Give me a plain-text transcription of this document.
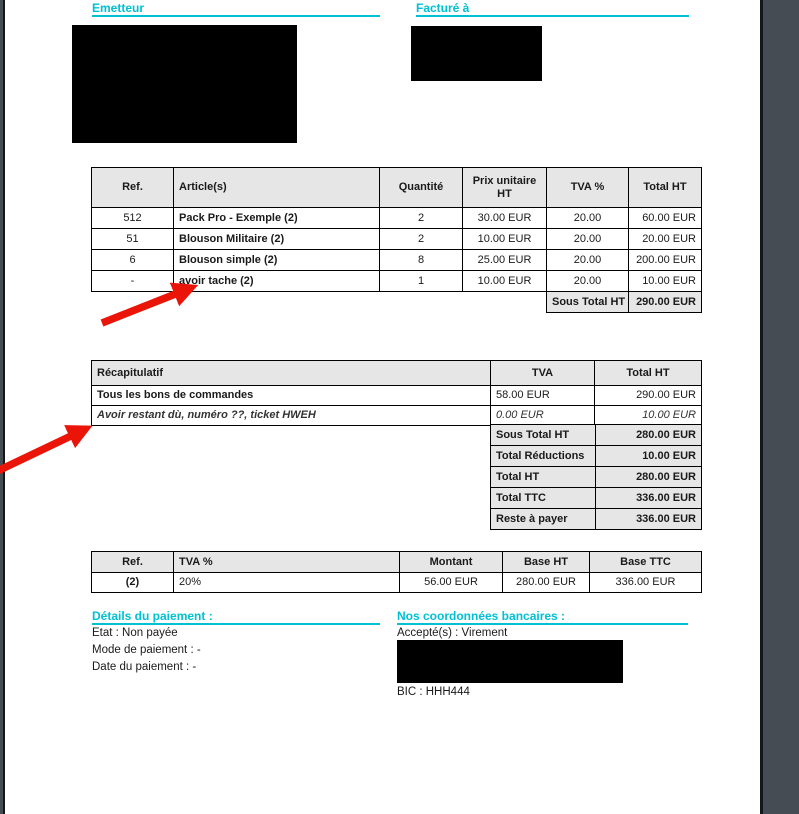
Emetteur	Facturé à
Ref.	Article(s)	Quantité	Prix unitaire HT	TVA %	Total HT
512	Pack Pro - Exemple (2)	2	30.00 EUR	20.00	60.00 EUR
51	Blouson Militaire (2)	2	10.00 EUR	20.00	20.00 EUR
6	Blouson simple (2)	8	25.00 EUR	20.00	200.00 EUR
-	avoir tache (2)	1	10.00 EUR	20.00	10.00 EUR
				Sous Total HT	290.00 EUR
Récapitulatif	TVA	Total HT
Tous les bons de commandes	58.00 EUR	290.00 EUR
Avoir restant dù, numéro ??, ticket HWEH	0.00 EUR	10.00 EUR
Sous Total HT	280.00 EUR
Total Réductions	10.00 EUR
Total HT	280.00 EUR
Total TTC	336.00 EUR
Reste à payer	336.00 EUR
Ref.	TVA %	Montant	Base HT	Base TTC
(2)	20%	56.00 EUR	280.00 EUR	336.00 EUR
Détails du paiement :
Etat : Non payée
Mode de paiement : -
Date du paiement : -
Nos coordonnées bancaires :
Accepté(s) : Virement
BIC : HHH444
